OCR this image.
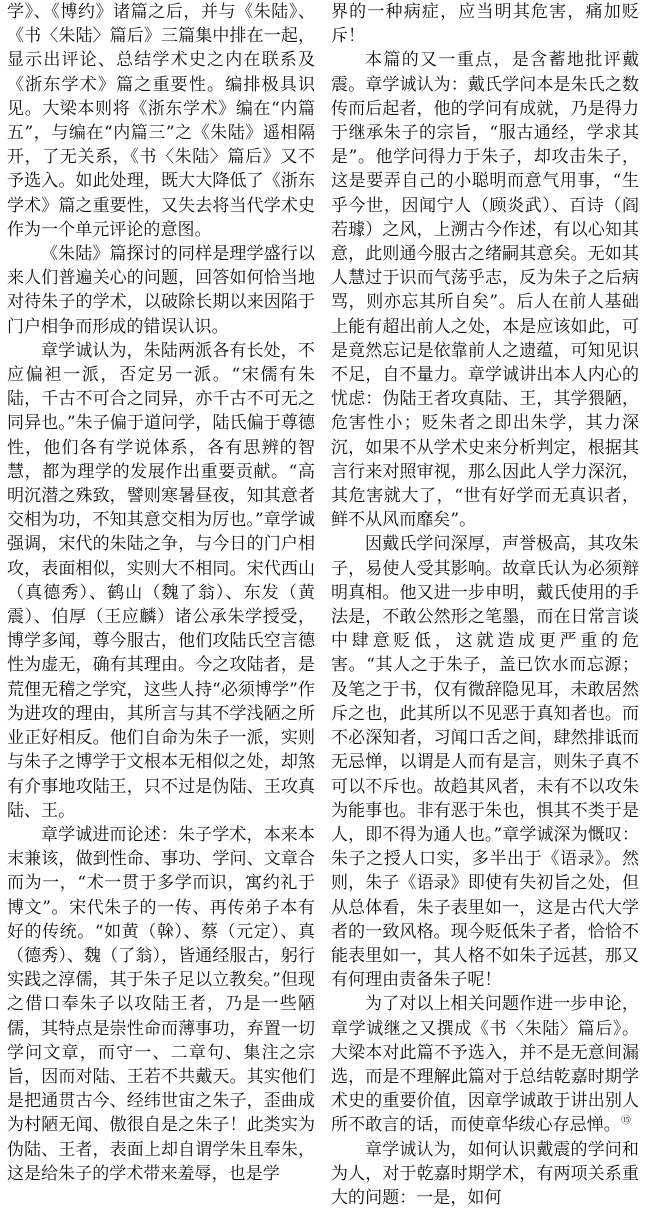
学》、《博约》诸篇之后，并与《朱陆》、《书〈朱陆〉篇后》三篇集中排在一起，显示出评论、总结学术史之内在联系及《浙东学术》篇之重要性。编排极具识见。大梁本则将《浙东学术》编在“内篇五”，与编在“内篇三”之《朱陆》遥相隔开，了无关系，《书〈朱陆〉篇后》又不予选入。如此处理，既大大降低了《浙东学术》篇之重要性，又失去将当代学术史作为一个单元评论的意图。

《朱陆》篇探讨的同样是理学盛行以来人们普遍关心的问题，回答如何恰当地对待朱子的学术，以破除长期以来因陷于门户相争而形成的错误认识。

章学诚认为，朱陆两派各有长处，不应偏袒一派，否定另一派。“宋儒有朱陆，千古不可合之同异，亦千古不可无之同异也。”朱子偏于道问学，陆氏偏于尊德性，他们各有学说体系，各有思辨的智慧，都为理学的发展作出重要贡献。“高明沉潜之殊致，譬则寒暑昼夜，知其意者交相为功，不知其意交相为厉也。”章学诚强调，宋代的朱陆之争，与今日的门户相攻，表面相似，实则大不相同。宋代西山（真德秀）、鹤山（魏了翁）、东发（黄震）、伯厚（王应麟）诸公承朱学授受，博学多闻，尊今服古，他们攻陆氏空言德性为虚无，确有其理由。今之攻陆者，是荒俚无稽之学究，这些人持“必须博学”作为进攻的理由，其所言与其不学浅陋之所业正好相反。他们自命为朱子一派，实则与朱子之博学于文根本无相似之处，却煞有介事地攻陆王，只不过是伪陆、王攻真陆、王。

章学诚进而论述：朱子学术，本来本末兼该，做到性命、事功、学问、文章合而为一，“术一贯于多学而识，寓约礼于博文”。宋代朱子的一传、再传弟子本有好的传统。“如黄（榦）、蔡（元定）、真（德秀）、魏（了翁），皆通经服古，躬行实践之淳儒，其于朱子足以立教矣。”但现之借口奉朱子以攻陆王者，乃是一些陋儒，其特点是崇性命而薄事功，弃置一切学问文章，而守一、二章句、集注之宗旨，因而对陆、王若不共戴天。其实他们是把通贯古今、经纬世宙之朱子，歪曲成为村陋无闻、傲很自是之朱子！此类实为伪陆、王者，表面上却自谓学朱且奉朱，这是给朱子的学术带来羞辱，也是学

界的一种病症，应当明其危害，痛加贬斥！

本篇的又一重点，是含蓄地批评戴震。章学诚认为：戴氏学问本是朱氏之数传而后起者，他的学问有成就，乃是得力于继承朱子的宗旨，“服古通经，学求其是”。他学问得力于朱子，却攻击朱子，这是要弄自己的小聪明而意气用事，“生乎今世，因闻宁人（顾炎武）、百诗（阎若璩）之风，上溯古今作述，有以心知其意，此则通今服古之绪嗣其意矣。无如其人慧过于识而气荡乎志，反为朱子之后病骂，则亦忘其所自矣”。后人在前人基础上能有超出前人之处，本是应该如此，可是竟然忘记是依靠前人之遗蕴，可知见识不足，自不量力。章学诚讲出本人内心的忧虑：伪陆王者攻真陆、王，其学猥陋，危害性小；贬朱者之即出朱学，其力深沉，如果不从学术史来分析判定，根据其言行来对照审视，那么因此人学力深沉，其危害就大了，“世有好学而无真识者，鲜不从风而靡矣”。

因戴氏学问深厚，声誉极高，其攻朱子，易使人受其影响。故章氏认为必须辩明真相。他又进一步申明，戴氏使用的手法是，不敢公然形之笔墨，而在日常言谈中肆意贬低，这就造成更严重的危害。“其人之于朱子，盖已饮水而忘源；及笔之于书，仅有微辞隐见耳，未敢居然斥之也，此其所以不见恶于真知者也。而不必深知者，习闻口舌之间，肆然排诋而无忌惮，以谓是人而有是言，则朱子真不可以不斥也。故趋其风者，未有不以攻朱为能事也。非有恶于朱也，惧其不类于是人，即不得为通人也。”章学诚深为慨叹：朱子之授人口实，多半出于《语录》。然则，朱子《语录》即使有失初旨之处，但从总体看，朱子表里如一，这是古代大学者的一致风格。现今贬低朱子者，恰恰不能表里如一，其人格不如朱子远甚，那又有何理由责备朱子呢！

为了对以上相关问题作进一步申论，章学诚继之又撰成《书〈朱陆〉篇后》。大梁本对此篇不予选入，并不是无意间漏选，而是不理解此篇对于总结乾嘉时期学术史的重要价值，因章学诚敢于讲出别人所不敢言的话，而使章华绂心存忌惮。⑮

章学诚认为，如何认识戴震的学问和为人，对于乾嘉时期学术，有两项关系重大的问题：一是，如何
